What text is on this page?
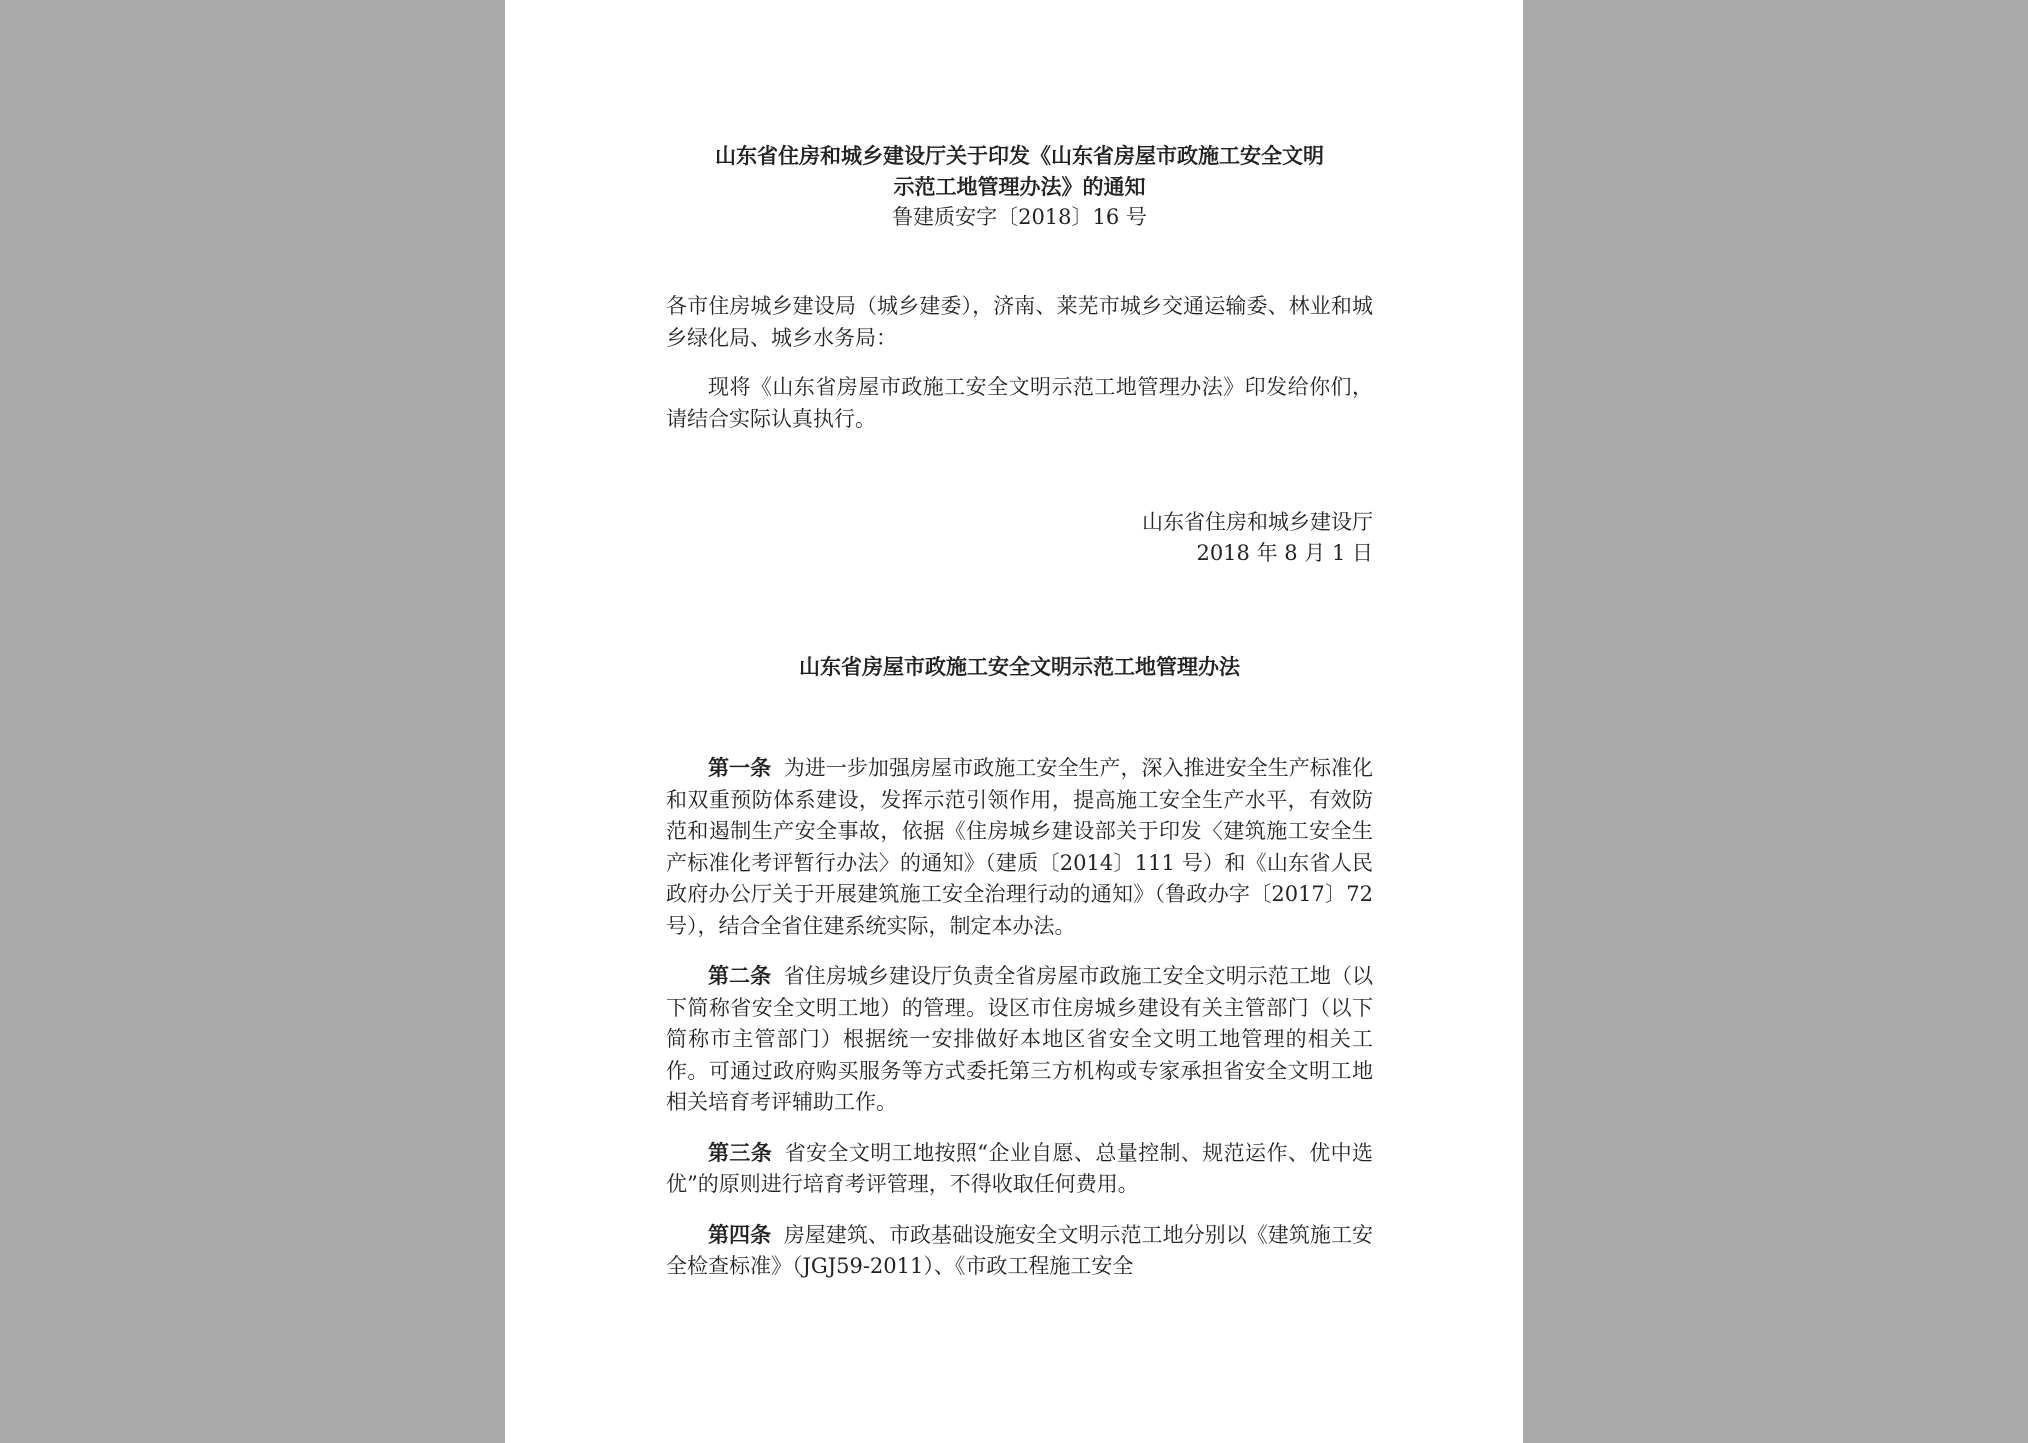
山东省住房和城乡建设厅关于印发《山东省房屋市政施工安全文明

示范工地管理办法》的通知

鲁建质安字〔2018〕16 号

各市住房城乡建设局（城乡建委），济南、莱芜市城乡交通运输委、林业和城乡绿化局、城乡水务局：

现将《山东省房屋市政施工安全文明示范工地管理办法》印发给你们，请结合实际认真执行。

山东省住房和城乡建设厅

2018 年 8 月 1 日

山东省房屋市政施工安全文明示范工地管理办法

第一条 为进一步加强房屋市政施工安全生产，深入推进安全生产标准化和双重预防体系建设，发挥示范引领作用，提高施工安全生产水平，有效防范和遏制生产安全事故，依据《住房城乡建设部关于印发〈建筑施工安全生产标准化考评暂行办法〉的通知》（建质〔2014〕111 号）和《山东省人民政府办公厅关于开展建筑施工安全治理行动的通知》（鲁政办字〔2017〕72 号），结合全省住建系统实际，制定本办法。

第二条 省住房城乡建设厅负责全省房屋市政施工安全文明示范工地（以下简称省安全文明工地）的管理。设区市住房城乡建设有关主管部门（以下简称市主管部门）根据统一安排做好本地区省安全文明工地管理的相关工作。可通过政府购买服务等方式委托第三方机构或专家承担省安全文明工地相关培育考评辅助工作。

第三条 省安全文明工地按照“企业自愿、总量控制、规范运作、优中选优”的原则进行培育考评管理，不得收取任何费用。

第四条 房屋建筑、市政基础设施安全文明示范工地分别以《建筑施工安全检查标准》（JGJ59-2011）、《市政工程施工安全
